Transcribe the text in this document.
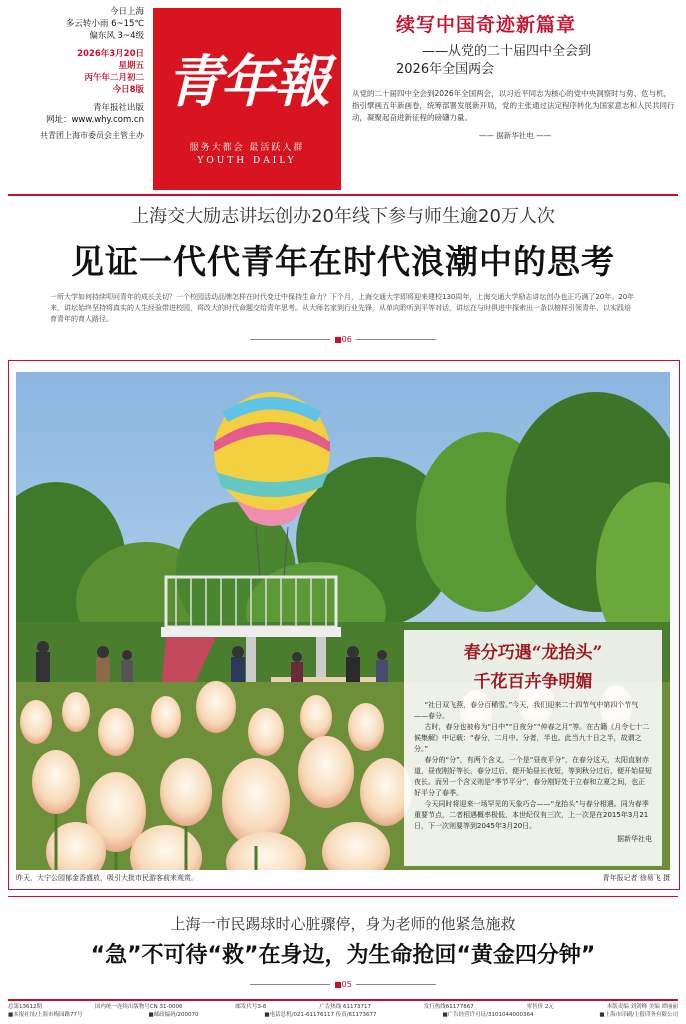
今日上海
多云转小雨 6~15℃
偏东风 3~4级
2026年3月20日
星期五
丙午年二月初二
今日8版
青年报社出版
网址：www.why.com.cn
共青团上海市委员会主管主办
青年報
服务大都会 最活跃人群
YOUTH DAILY
续写中国奇迹新篇章
——从党的二十届四中全会到
2026年全国两会
从党的二十届四中全会到2026年全国两会，以习近平同志为核心的党中央洞察时与势、危与机，指引擘画五年新画卷，统筹部署发展新开局，党的主张通过法定程序转化为国家意志和人民共同行动，凝聚起奋进新征程的磅礴力量。
—— 据新华社电 ——
上海交大励志讲坛创办20年线下参与师生逾20万人次
见证一代代青年在时代浪潮中的思考
一所大学如何持续叩问青年的成长关切？一个校园活动品牌怎样在时代变迁中保持生命力？下个月，上海交通大学即将迎来建校130周年，上海交通大学励志讲坛创办也正巧满了20年。20年来，讲坛始终坚持将真实的人生经验带进校园，将改大的时代命题交给青年思考。从大师名家到行业先锋，从单向聆听到平等对话，讲坛在与时俱进中探索出一条以榜样引领青年、以实践培育青年的育人路径。
■06
春分巧遇“龙抬头”
千花百卉争明媚

“社日双飞燕，春分百稀雪。”今天，我们迎来二十四节气中第四个节气——春分。

古时，春分也被称为“日中”“日夜分”“仲春之月”等。在古籍《月令七十二候集解》中记载：“春分，二月中。分者，半也。此当九十日之半，故谓之分。”

春分的“分”，有两个含义，一个是“昼夜平分”，在春分这天，太阳直射赤道，昼夜刚好等长，春分过后，便开始昼长夜短，等到秋分过后，便开始昼短夜长。而另一个含义则是“季节平分”，春分刚好处于立春和立夏之间，也正好平分了春季。

今天同时将迎来一场罕见的天象巧合——“龙抬头”与春分相遇。同为春季重要节点，二者相遇概率极低，本世纪仅有三次，上一次是在2015年3月21日，下一次则要等到2045年3月20日。

据新华社电
昨天，大宁公园郁金香盛放，吸引大批市民游客前来观赏。	青年报记者 徐易飞 摄
上海一市民踢球时心脏骤停，身为老师的他紧急施救
“急”不可待“救”在身边，为生命抢回“黄金四分钟”
■05
总第13612期	国内统一连续出版物号CN 31-0006	邮发代号3-6	广告热线 61173717	发行热线61177867	零售价 2元	本版责编 刘剑峰 美编 谭丽丽
■本报社址/上海市梅园路77号	■邮政编码/200070	■电话总机/021-61176117 传真/61173677	■广告经营许可证/3101044000364	■上海市印刷/上报印务有限公司
